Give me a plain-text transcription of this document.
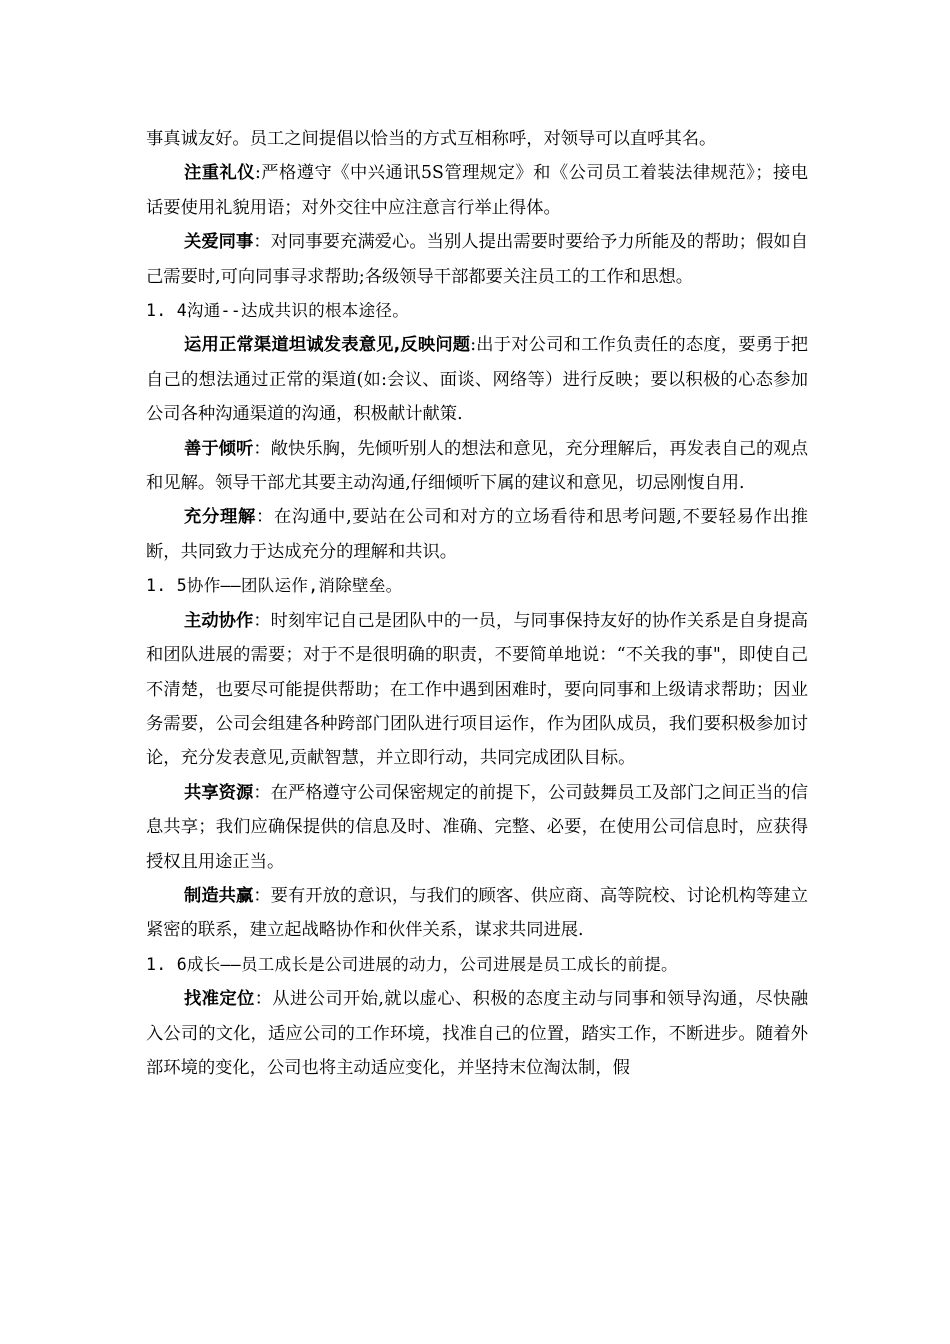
事真诚友好。员工之间提倡以恰当的方式互相称呼，对领导可以直呼其名。

注重礼仪:严格遵守《中兴通讯5S管理规定》和《公司员工着装法律规范》；接电话要使用礼貌用语；对外交往中应注意言行举止得体。

关爱同事：对同事要充满爱心。当别人提出需要时要给予力所能及的帮助；假如自己需要时,可向同事寻求帮助;各级领导干部都要关注员工的工作和思想。

1. 4沟通--达成共识的根本途径。

运用正常渠道坦诚发表意见,反映问题:出于对公司和工作负责任的态度，要勇于把自己的想法通过正常的渠道(如:会议、面谈、网络等）进行反映；要以积极的心态参加公司各种沟通渠道的沟通，积极献计献策.

善于倾听：敞快乐胸，先倾听别人的想法和意见，充分理解后，再发表自己的观点和见解。领导干部尤其要主动沟通,仔细倾听下属的建议和意见，切忌刚愎自用.

充分理解：在沟通中,要站在公司和对方的立场看待和思考问题,不要轻易作出推断，共同致力于达成充分的理解和共识。

1. 5协作——团队运作,消除壁垒。

主动协作：时刻牢记自己是团队中的一员，与同事保持友好的协作关系是自身提高和团队进展的需要；对于不是很明确的职责，不要简单地说：“不关我的事"，即使自己不清楚，也要尽可能提供帮助；在工作中遇到困难时，要向同事和上级请求帮助；因业务需要，公司会组建各种跨部门团队进行项目运作，作为团队成员，我们要积极参加讨论，充分发表意见,贡献智慧，并立即行动，共同完成团队目标。

共享资源：在严格遵守公司保密规定的前提下，公司鼓舞员工及部门之间正当的信息共享；我们应确保提供的信息及时、准确、完整、必要，在使用公司信息时，应获得授权且用途正当。

制造共赢：要有开放的意识，与我们的顾客、供应商、高等院校、讨论机构等建立紧密的联系，建立起战略协作和伙伴关系，谋求共同进展.

1. 6成长——员工成长是公司进展的动力，公司进展是员工成长的前提。

找准定位：从进公司开始,就以虚心、积极的态度主动与同事和领导沟通，尽快融入公司的文化，适应公司的工作环境，找准自己的位置，踏实工作，不断进步。随着外部环境的变化，公司也将主动适应变化，并坚持末位淘汰制，假
